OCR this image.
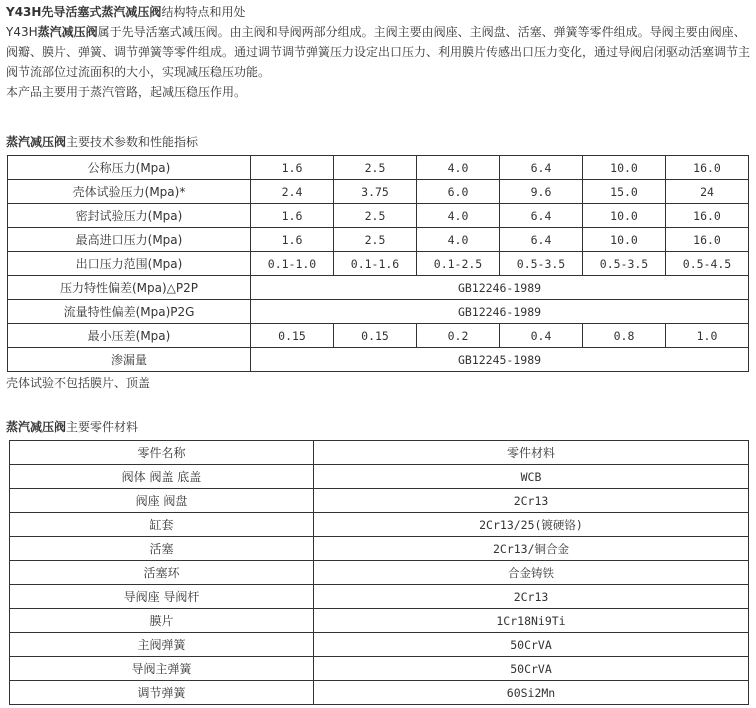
Y43H先导活塞式蒸汽减压阀结构特点和用处

Y43H蒸汽减压阀属于先导活塞式减压阀。由主阀和导阀两部分组成。主阀主要由阀座、主阀盘、活塞、弹簧等零件组成。导阀主要由阀座、阀瓣、膜片、弹簧、调节弹簧等零件组成。通过调节调节弹簧压力设定出口压力、利用膜片传感出口压力变化，通过导阀启闭驱动活塞调节主阀节流部位过流面积的大小，实现减压稳压功能。

本产品主要用于蒸汽管路，起减压稳压作用。

蒸汽减压阀主要技术参数和性能指标
公称压力(Mpa)	1.6	2.5	4.0	6.4	10.0	16.0
壳体试验压力(Mpa)*	2.4	3.75	6.0	9.6	15.0	24
密封试验压力(Mpa)	1.6	2.5	4.0	6.4	10.0	16.0
最高进口压力(Mpa)	1.6	2.5	4.0	6.4	10.0	16.0
出口压力范围(Mpa)	0.1-1.0	0.1-1.6	0.1-2.5	0.5-3.5	0.5-3.5	0.5-4.5
压力特性偏差(Mpa)△P2P	GB12246-1989					
流量特性偏差(Mpa)P2G	GB12246-1989					
最小压差(Mpa)	0.15	0.15	0.2	0.4	0.8	1.0
渗漏量	GB12245-1989					
壳体试验不包括膜片、顶盖
蒸汽减压阀主要零件材料
零件名称	零件材料
阀体 阀盖 底盖	WCB
阀座 阀盘	2Cr13
缸套	2Cr13/25(镀硬铬)
活塞	2Cr13/铜合金
活塞环	合金铸铁
导阀座 导阀杆	2Cr13
膜片	1Cr18Ni9Ti
主阀弹簧	50CrVA
导阀主弹簧	50CrVA
调节弹簧	60Si2Mn
